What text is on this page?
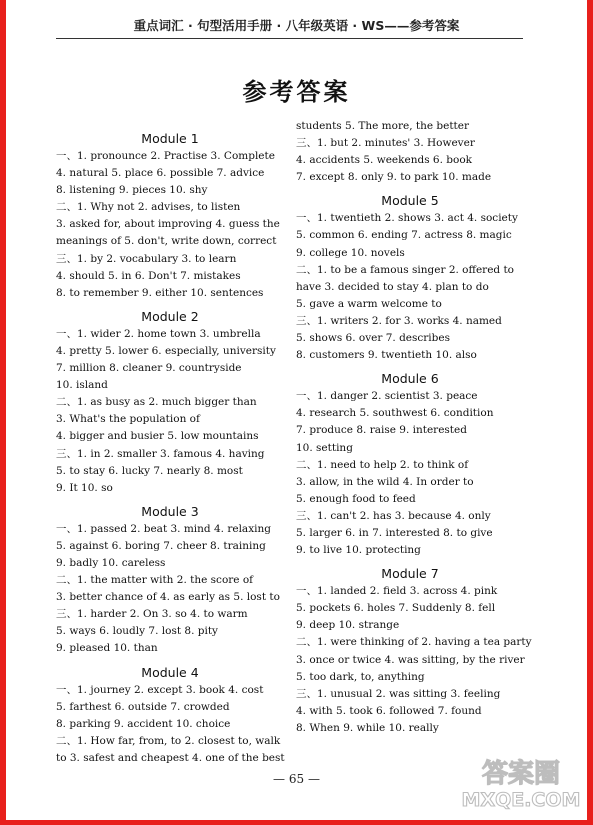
重点词汇 · 句型活用手册 · 八年级英语 · WS——参考答案
参考答案
Module 1
一、1. pronounce 2. Practise 3. Complete
4. natural 5. place 6. possible 7. advice
8. listening 9. pieces 10. shy
二、1. Why not 2. advises, to listen
3. asked for, about improving 4. guess the
meanings of 5. don't, write down, correct
三、1. by 2. vocabulary 3. to learn
4. should 5. in 6. Don't 7. mistakes
8. to remember 9. either 10. sentences
Module 2
一、1. wider 2. home town 3. umbrella
4. pretty 5. lower 6. especially, university
7. million 8. cleaner 9. countryside
10. island
二、1. as busy as 2. much bigger than
3. What's the population of
4. bigger and busier 5. low mountains
三、1. in 2. smaller 3. famous 4. having
5. to stay 6. lucky 7. nearly 8. most
9. It 10. so
Module 3
一、1. passed 2. beat 3. mind 4. relaxing
5. against 6. boring 7. cheer 8. training
9. badly 10. careless
二、1. the matter with 2. the score of
3. better chance of 4. as early as 5. lost to
三、1. harder 2. On 3. so 4. to warm
5. ways 6. loudly 7. lost 8. pity
9. pleased 10. than
Module 4
一、1. journey 2. except 3. book 4. cost
5. farthest 6. outside 7. crowded
8. parking 9. accident 10. choice
二、1. How far, from, to 2. closest to, walk
to 3. safest and cheapest 4. one of the best
students 5. The more, the better
三、1. but 2. minutes' 3. However
4. accidents 5. weekends 6. book
7. except 8. only 9. to park 10. made
Module 5
一、1. twentieth 2. shows 3. act 4. society
5. common 6. ending 7. actress 8. magic
9. college 10. novels
二、1. to be a famous singer 2. offered to
have 3. decided to stay 4. plan to do
5. gave a warm welcome to
三、1. writers 2. for 3. works 4. named
5. shows 6. over 7. describes
8. customers 9. twentieth 10. also
Module 6
一、1. danger 2. scientist 3. peace
4. research 5. southwest 6. condition
7. produce 8. raise 9. interested
10. setting
二、1. need to help 2. to think of
3. allow, in the wild 4. In order to
5. enough food to feed
三、1. can't 2. has 3. because 4. only
5. larger 6. in 7. interested 8. to give
9. to live 10. protecting
Module 7
一、1. landed 2. field 3. across 4. pink
5. pockets 6. holes 7. Suddenly 8. fell
9. deep 10. strange
二、1. were thinking of 2. having a tea party
3. once or twice 4. was sitting, by the river
5. too dark, to, anything
三、1. unusual 2. was sitting 3. feeling
4. with 5. took 6. followed 7. found
8. When 9. while 10. really
— 65 —	答案圈
MXQE.COM
